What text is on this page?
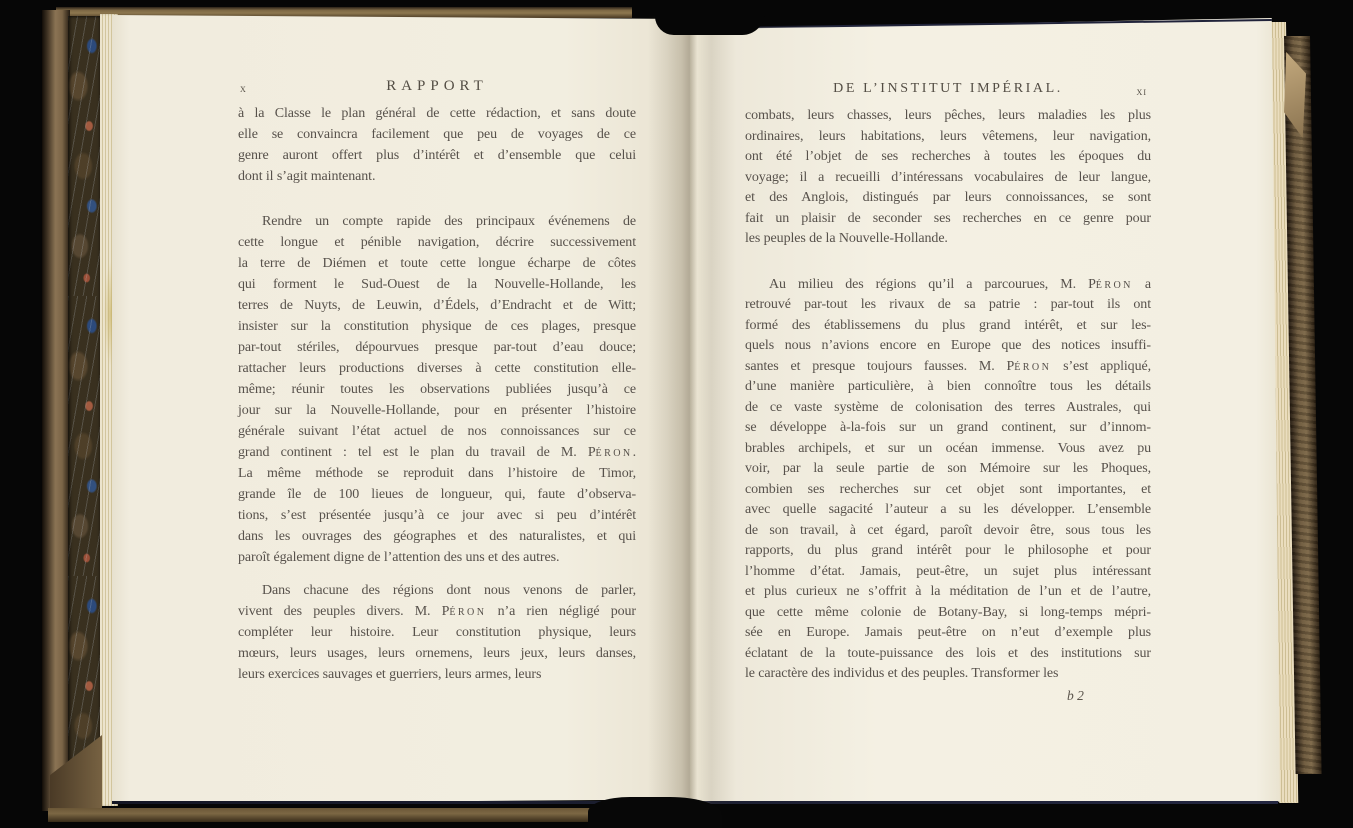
x	RAPPORT
à la Classe le plan général de cette rédaction, et sans doute
elle se convaincra facilement que peu de voyages de ce
genre auront offert plus d’intérêt et d’ensemble que celui
dont il s’agit maintenant.
Rendre un compte rapide des principaux événemens de
cette longue et pénible navigation, décrire successivement
la terre de Diémen et toute cette longue écharpe de côtes
qui forment le Sud-Ouest de la Nouvelle-Hollande, les
terres de Nuyts, de Leuwin, d’Édels, d’Endracht et de Witt;
insister sur la constitution physique de ces plages, presque
par-tout stériles, dépourvues presque par-tout d’eau douce;
rattacher leurs productions diverses à cette constitution elle-
même; réunir toutes les observations publiées jusqu’à ce
jour sur la Nouvelle-Hollande, pour en présenter l’histoire
générale suivant l’état actuel de nos connoissances sur ce
grand continent : tel est le plan du travail de M. PÉRON.
La même méthode se reproduit dans l’histoire de Timor,
grande île de 100 lieues de longueur, qui, faute d’observa-
tions, s’est présentée jusqu’à ce jour avec si peu d’intérêt
dans les ouvrages des géographes et des naturalistes, et qui
paroît également digne de l’attention des uns et des autres.
Dans chacune des régions dont nous venons de parler,
vivent des peuples divers. M. PÉRON n’a rien négligé pour
compléter leur histoire. Leur constitution physique, leurs
mœurs, leurs usages, leurs ornemens, leurs jeux, leurs danses,
leurs exercices sauvages et guerriers, leurs armes, leurs
DE L’INSTITUT IMPÉRIAL.	xi
combats, leurs chasses, leurs pêches, leurs maladies les plus
ordinaires, leurs habitations, leurs vêtemens, leur navigation,
ont été l’objet de ses recherches à toutes les époques du
voyage; il a recueilli d’intéressans vocabulaires de leur langue,
et des Anglois, distingués par leurs connoissances, se sont
fait un plaisir de seconder ses recherches en ce genre pour
les peuples de la Nouvelle-Hollande.
Au milieu des régions qu’il a parcourues, M. PÉRON a
retrouvé par-tout les rivaux de sa patrie : par-tout ils ont
formé des établissemens du plus grand intérêt, et sur les-
quels nous n’avions encore en Europe que des notices insuffi-
santes et presque toujours fausses. M. PÉRON s’est appliqué,
d’une manière particulière, à bien connoître tous les détails
de ce vaste système de colonisation des terres Australes, qui
se développe à-la-fois sur un grand continent, sur d’innom-
brables archipels, et sur un océan immense. Vous avez pu
voir, par la seule partie de son Mémoire sur les Phoques,
combien ses recherches sur cet objet sont importantes, et
avec quelle sagacité l’auteur a su les développer. L’ensemble
de son travail, à cet égard, paroît devoir être, sous tous les
rapports, du plus grand intérêt pour le philosophe et pour
l’homme d’état. Jamais, peut-être, un sujet plus intéressant
et plus curieux ne s’offrit à la méditation de l’un et de l’autre,
que cette même colonie de Botany-Bay, si long-temps mépri-
sée en Europe. Jamais peut-être on n’eut d’exemple plus
éclatant de la toute-puissance des lois et des institutions sur
le caractère des individus et des peuples. Transformer les
b 2
